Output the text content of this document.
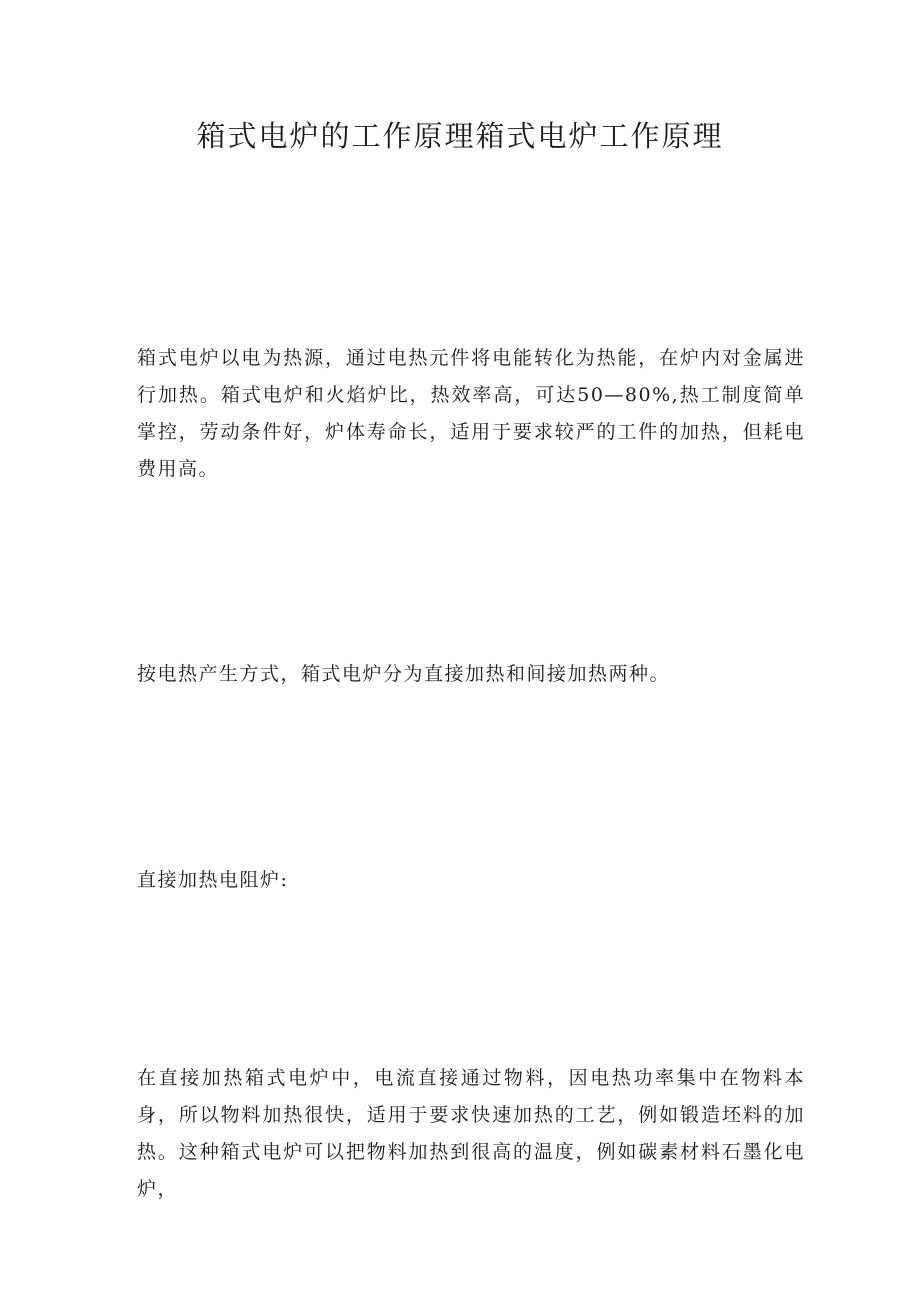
箱式电炉的工作原理箱式电炉工作原理

箱式电炉以电为热源，通过电热元件将电能转化为热能，在炉内对金属进行加热。箱式电炉和火焰炉比，热效率高，可达50—80%,热工制度简单掌控，劳动条件好，炉体寿命长，适用于要求较严的工件的加热，但耗电费用高。

按电热产生方式，箱式电炉分为直接加热和间接加热两种。

直接加热电阻炉:

在直接加热箱式电炉中，电流直接通过物料，因电热功率集中在物料本身，所以物料加热很快，适用于要求快速加热的工艺，例如锻造坯料的加热。这种箱式电炉可以把物料加热到很高的温度，例如碳素材料石墨化电炉，
